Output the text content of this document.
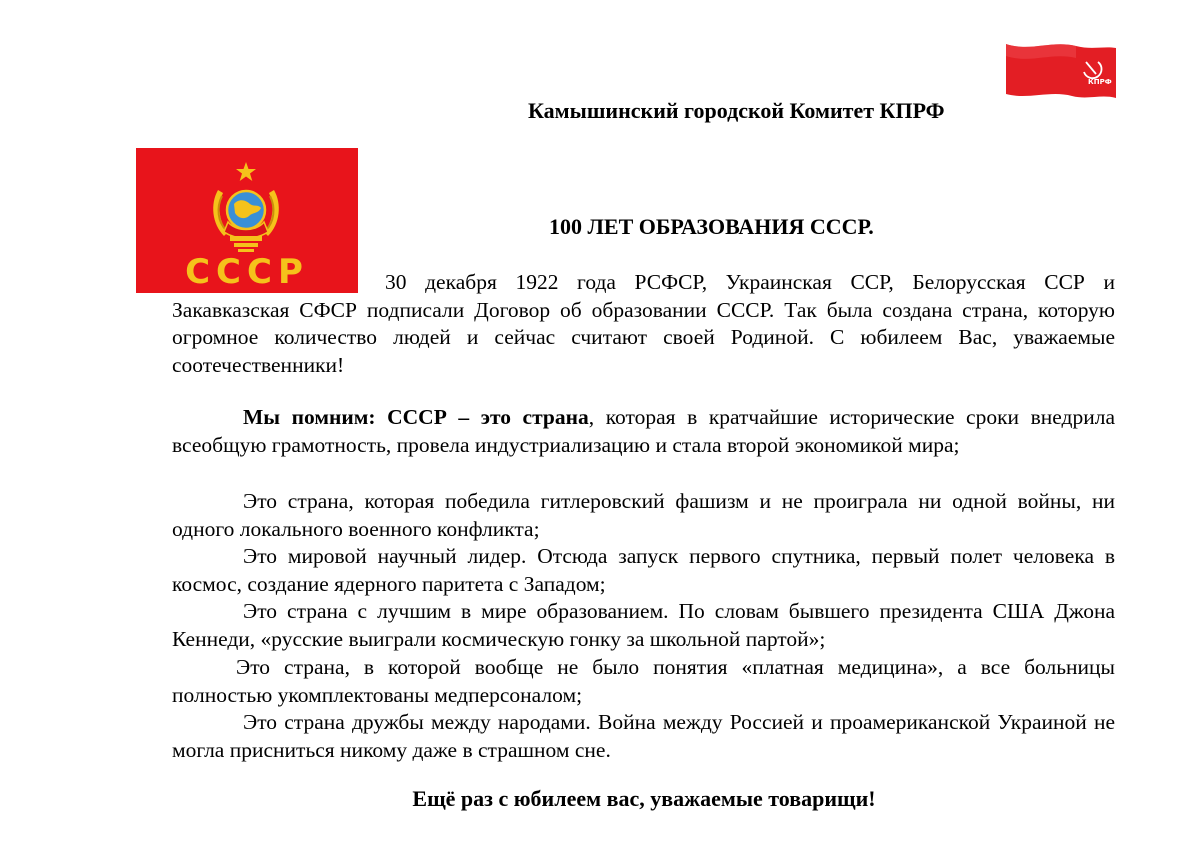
КПРФ
Камышинский городской Комитет КПРФ
СССР
100 ЛЕТ ОБРАЗОВАНИЯ СССР.
30 декабря 1922 года РСФСР, Украинская ССР, Белорусская ССР и Закавказская СФСР подписали Договор об образовании СССР. Так была создана страна, которую огромное количество людей и сейчас считают своей Родиной. С юбилеем Вас, уважаемые соотечественники!
Мы помним: СССР – это страна, которая в кратчайшие исторические сроки внедрила всеобщую грамотность, провела индустриализацию и стала второй экономикой мира;
Это страна, которая победила гитлеровский фашизм и не проиграла ни одной войны, ни одного локального военного конфликта;
Это мировой научный лидер. Отсюда запуск первого спутника, первый полет человека в космос, создание ядерного паритета с Западом;
Это страна с лучшим в мире образованием. По словам бывшего президента США Джона Кеннеди, «русские выиграли космическую гонку за школьной партой»;
Это страна, в которой вообще не было понятия «платная медицина», а все больницы полностью укомплектованы медперсоналом;
Это страна дружбы между народами. Война между Россией и проамериканской Украиной не могла присниться никому даже в страшном сне.
Ещё раз с юбилеем вас, уважаемые товарищи!
